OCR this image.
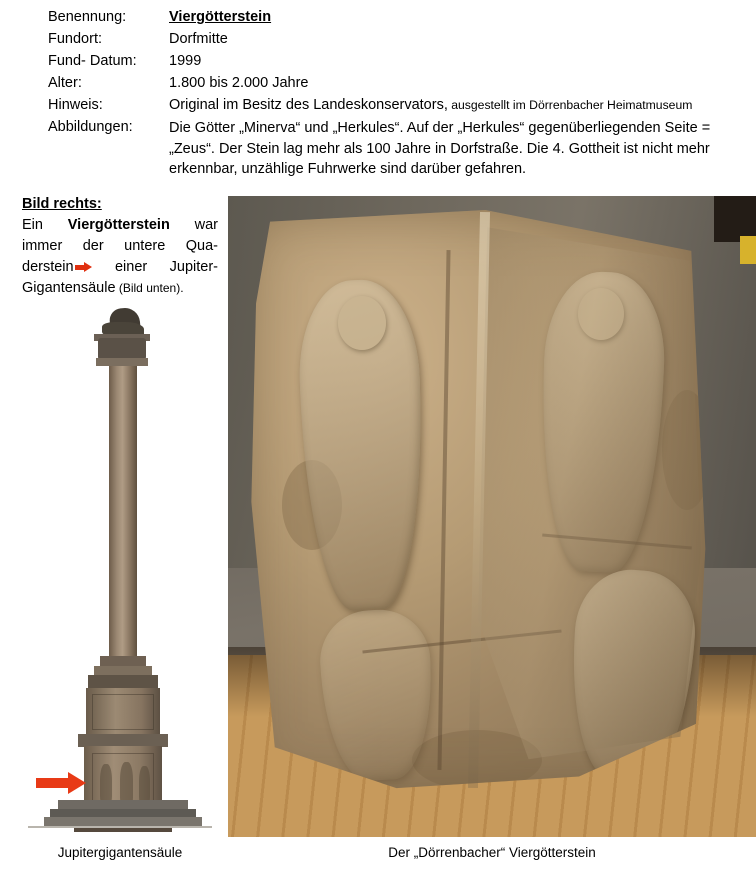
Benennung:	Viergötterstein
Fundort:	Dorfmitte
Fund- Datum:	1999
Alter:	1.800 bis 2.000 Jahre
Hinweis:	Original im Besitz des Landeskonservators, ausgestellt im Dörrenbacher Heimatmuseum
Abbildungen:	Die Götter „Minerva“ und „Herkules“. Auf der „Herkules“ gegenüberliegenden Seite = „Zeus“. Der Stein lag mehr als 100 Jahre in Dorfstraße. Die 4. Gottheit ist nicht mehr erkennbar, unzählige Fuhrwerke sind darüber gefahren.
Bild rechts:
Ein Viergötterstein war immer der untere Qua- derstein
einer Jupiter- Gigantensäule (Bild unten).
Jupitergigantensäule	Der „Dörrenbacher“ Viergötterstein
